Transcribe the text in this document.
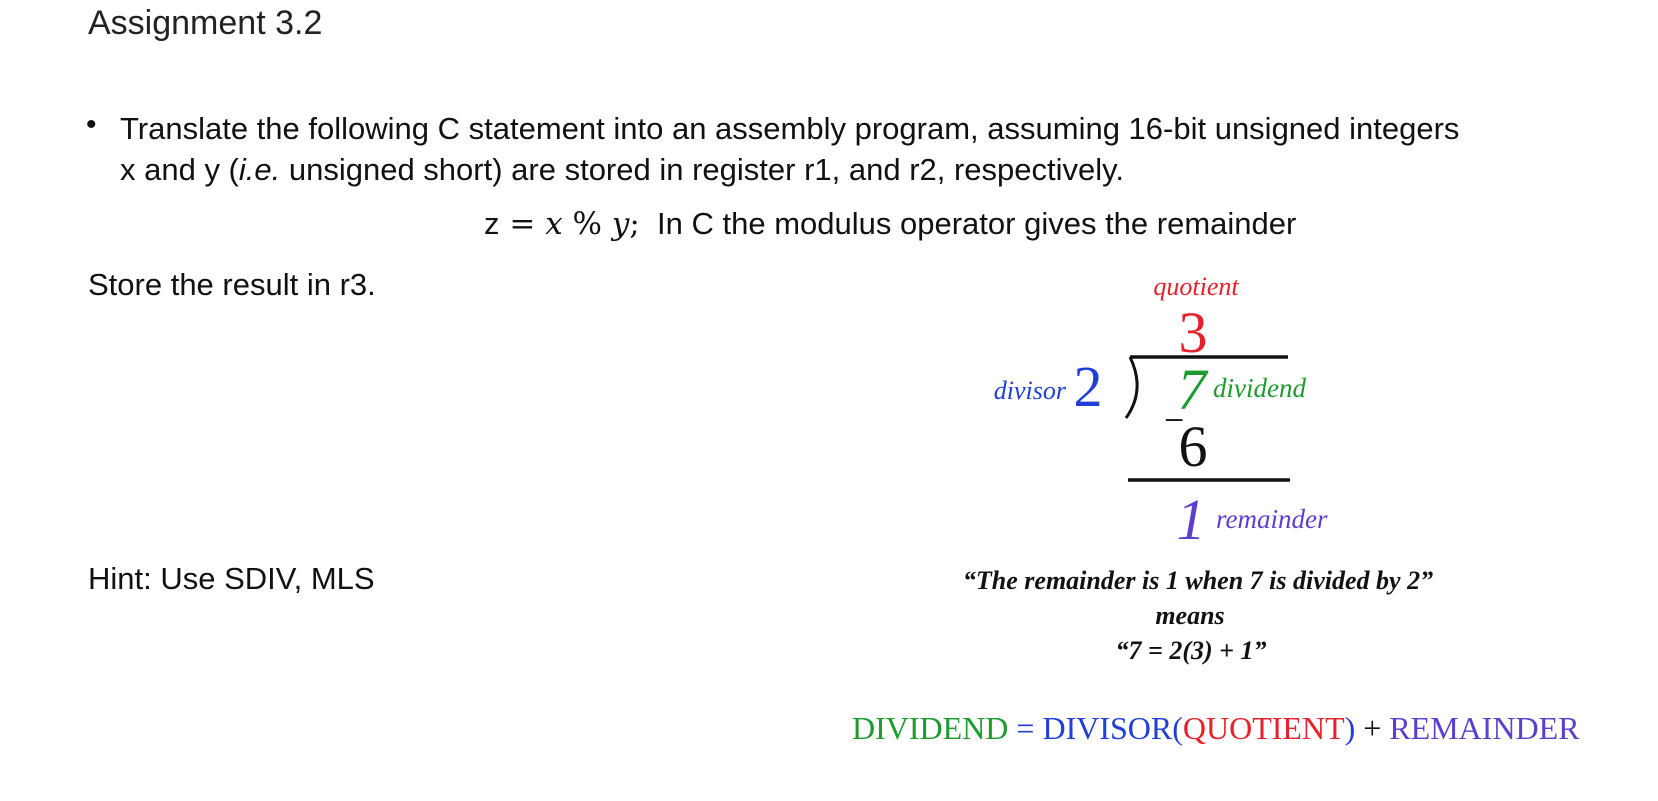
Assignment 3.2
• Translate the following C statement into an assembly program, assuming 16-bit unsigned integers
x and y (i.e. unsigned short) are stored in register r1, and r2, respectively.
z = x % y; In C the modulus operator gives the remainder
Store the result in r3.
Hint: Use SDIV, MLS
quotient
3
divisor 2 7 dividend
−
6
1 remainder
“The remainder is 1 when 7 is divided by 2”
means
“7 = 2(3) + 1”
DIVIDEND = DIVISOR(QUOTIENT) + REMAINDER
